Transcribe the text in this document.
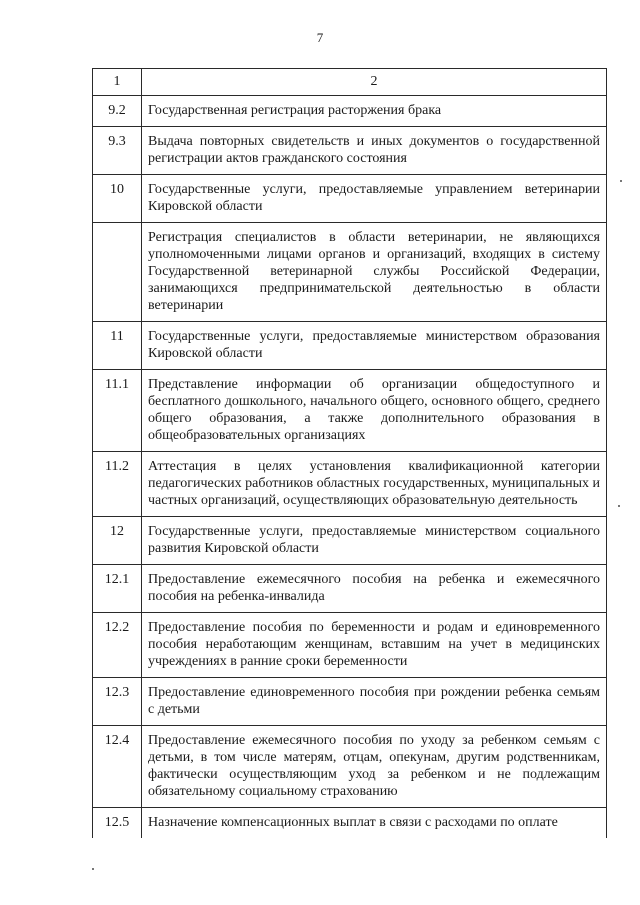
7
1	2
9.2	Государственная регистрация расторжения брака
9.3	Выдача повторных свидетельств и иных документов о государственной регистрации актов гражданского состояния
10	Государственные услуги, предоставляемые управлением ветеринарии Кировской области
	Регистрация специалистов в области ветеринарии, не являющихся уполномоченными лицами органов и организаций, входящих в систему Государственной ветеринарной службы Российской Федерации, занимающихся предпринимательской деятельностью в области ветеринарии
11	Государственные услуги, предоставляемые министерством образования Кировской области
11.1	Представление информации об организации общедоступного и бесплатного дошкольного, начального общего, основного общего, среднего общего образования, а также дополнительного образования в общеобразовательных организациях
11.2	Аттестация в целях установления квалификационной категории педагогических работников областных государственных, муниципальных и частных организаций, осуществляющих образовательную деятельность
12	Государственные услуги, предоставляемые министерством социального развития Кировской области
12.1	Предоставление ежемесячного пособия на ребенка и ежемесячного пособия на ребенка-инвалида
12.2	Предоставление пособия по беременности и родам и единовременного пособия неработающим женщинам, вставшим на учет в медицинских учреждениях в ранние сроки беременности
12.3	Предоставление единовременного пособия при рождении ребенка семьям с детьми
12.4	Предоставление ежемесячного пособия по уходу за ребенком семьям с детьми, в том числе матерям, отцам, опекунам, другим родственникам, фактически осуществляющим уход за ребенком и не подлежащим обязательному социальному страхованию
12.5	Назначение компенсационных выплат в связи с расходами по оплате
